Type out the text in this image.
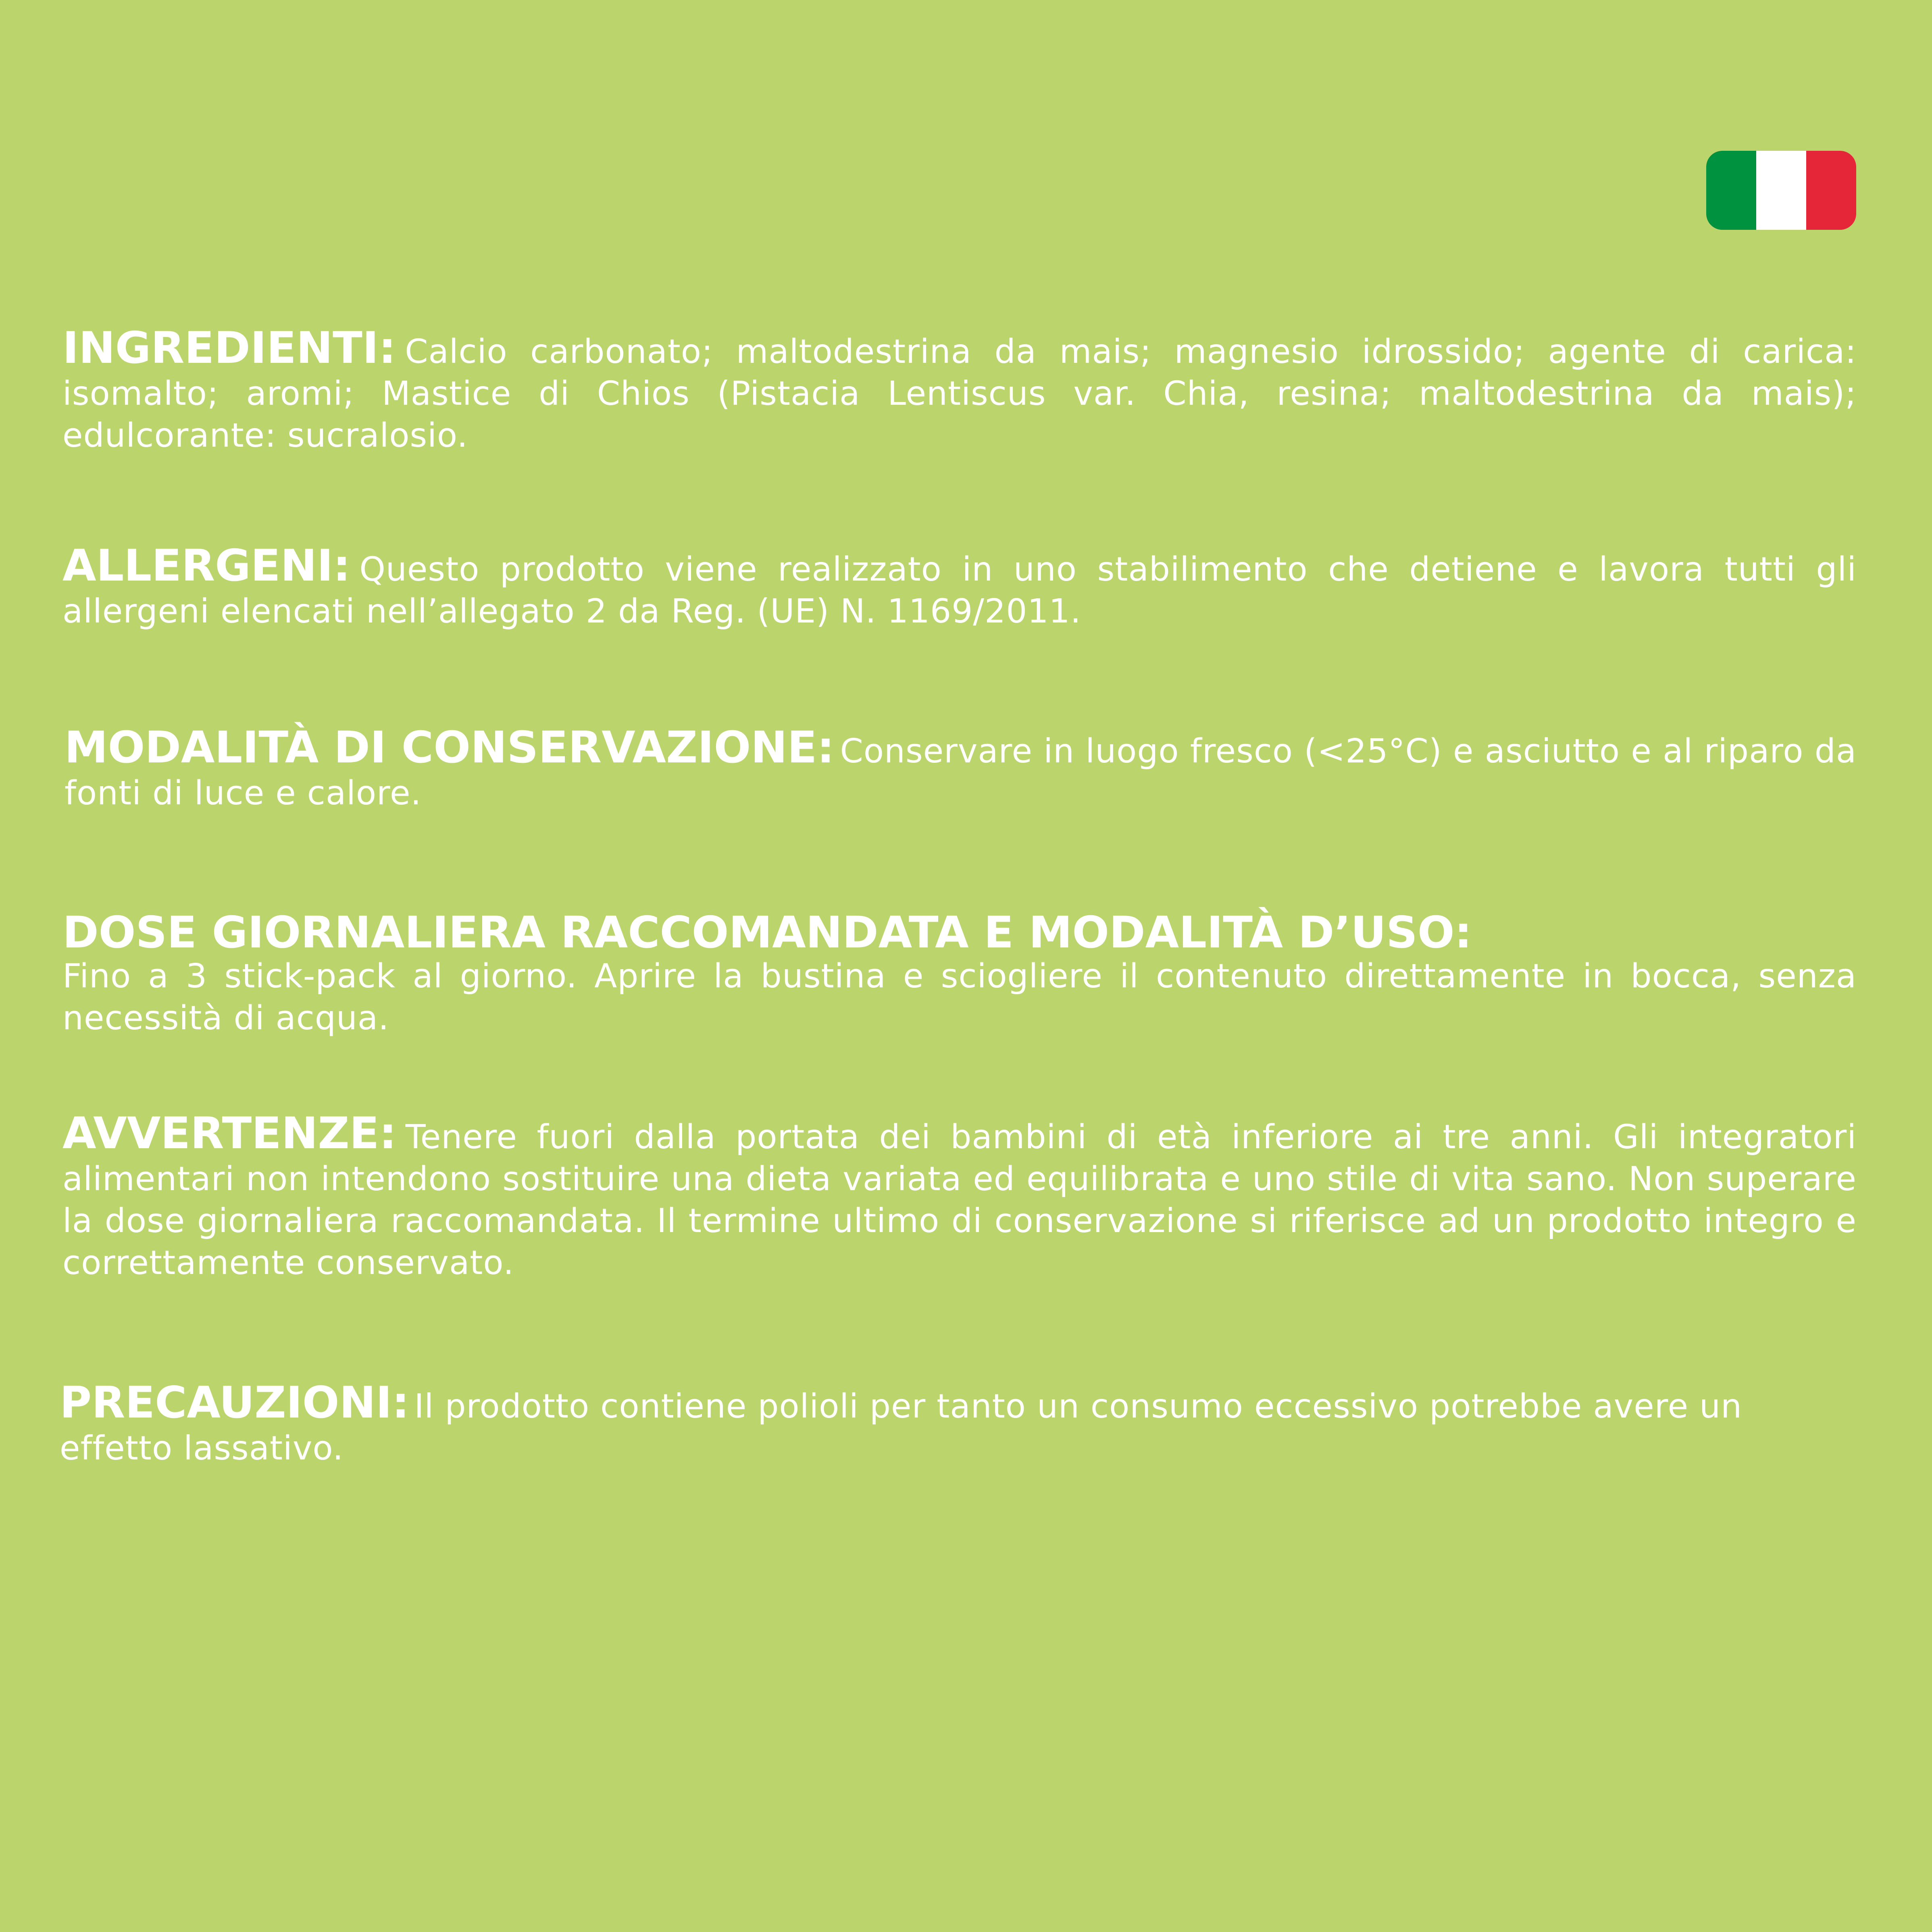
INGREDIENTI: Calcio carbonato; maltodestrina da mais; magnesio idrossido; agente di carica: isomalto; aromi; Mastice di Chios (Pistacia Lentiscus var. Chia, resina; maltodestrina da mais); edulcorante: sucralosio.
ALLERGENI: Questo prodotto viene realizzato in uno stabilimento che detiene e lavora tutti gli allergeni elencati nell’allegato 2 da Reg. (UE) N. 1169/2011.
MODALITÀ DI CONSERVAZIONE: Conservare in luogo fresco (<25°C) e asciutto e al riparo da fonti di luce e calore.
DOSE GIORNALIERA RACCOMANDATA E MODALITÀ D’USO:
Fino a 3 stick-pack al giorno. Aprire la bustina e sciogliere il contenuto direttamente in bocca, senza necessità di acqua.
AVVERTENZE: Tenere fuori dalla portata dei bambini di età inferiore ai tre anni. Gli integratori alimentari non intendono sostituire una dieta variata ed equilibrata e uno stile di vita sano. Non superare la dose giornaliera raccomandata. Il termine ultimo di conservazione si riferisce ad un prodotto integro e correttamente conservato.
PRECAUZIONI: Il prodotto contiene polioli per tanto un consumo eccessivo potrebbe avere un effetto lassativo.
